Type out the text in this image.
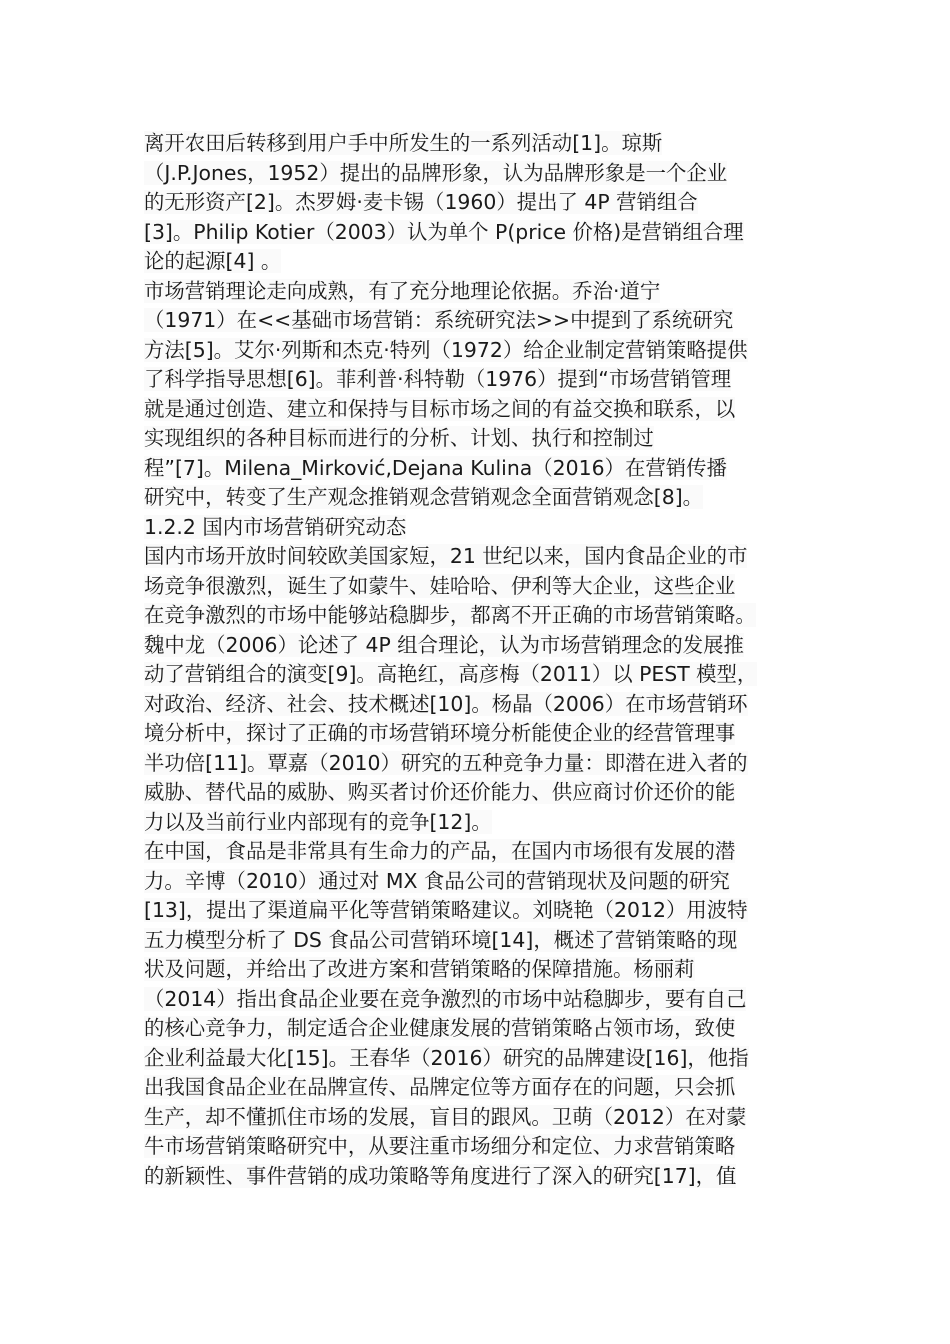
离开农田后转移到用户手中所发生的一系列活动[1]。琼斯
（J.P.Jones，1952）提出的品牌形象，认为品牌形象是一个企业
的无形资产[2]。杰罗姆·麦卡锡（1960）提出了 4P 营销组合
[3]。Philip Kotier（2003）认为单个 P(price 价格)是营销组合理
论的起源[4] 。
市场营销理论走向成熟，有了充分地理论依据。乔治·道宁
（1971）在<<基础市场营销：系统研究法>>中提到了系统研究
方法[5]。艾尔·列斯和杰克·特列（1972）给企业制定营销策略提供
了科学指导思想[6]。菲利普·科特勒（1976）提到“市场营销管理
就是通过创造、建立和保持与目标市场之间的有益交换和联系，以
实现组织的各种目标而进行的分析、计划、执行和控制过
程”[7]。Milena_Mirković,Dejana Kulina（2016）在营销传播
研究中，转变了生产观念推销观念营销观念全面营销观念[8]。
1.2.2 国内市场营销研究动态
国内市场开放时间较欧美国家短，21 世纪以来，国内食品企业的市
场竞争很激烈，诞生了如蒙牛、娃哈哈、伊利等大企业，这些企业
在竞争激烈的市场中能够站稳脚步，都离不开正确的市场营销策略。
魏中龙（2006）论述了 4P 组合理论，认为市场营销理念的发展推
动了营销组合的演变[9]。高艳红，高彦梅（2011）以 PEST 模型，
对政治、经济、社会、技术概述[10]。杨晶（2006）在市场营销环
境分析中，探讨了正确的市场营销环境分析能使企业的经营管理事
半功倍[11]。覃嘉（2010）研究的五种竞争力量：即潜在进入者的
威胁、替代品的威胁、购买者讨价还价能力、供应商讨价还价的能
力以及当前行业内部现有的竞争[12]。
在中国，食品是非常具有生命力的产品，在国内市场很有发展的潜
力。辛博（2010）通过对 MX 食品公司的营销现状及问题的研究
[13]，提出了渠道扁平化等营销策略建议。刘晓艳（2012）用波特
五力模型分析了 DS 食品公司营销环境[14]，概述了营销策略的现
状及问题，并给出了改进方案和营销策略的保障措施。杨丽莉
（2014）指出食品企业要在竞争激烈的市场中站稳脚步，要有自己
的核心竞争力，制定适合企业健康发展的营销策略占领市场，致使
企业利益最大化[15]。王春华（2016）研究的品牌建设[16]，他指
出我国食品企业在品牌宣传、品牌定位等方面存在的问题，只会抓
生产，却不懂抓住市场的发展，盲目的跟风。卫萌（2012）在对蒙
牛市场营销策略研究中，从要注重市场细分和定位、力求营销策略
的新颖性、事件营销的成功策略等角度进行了深入的研究[17]，值
